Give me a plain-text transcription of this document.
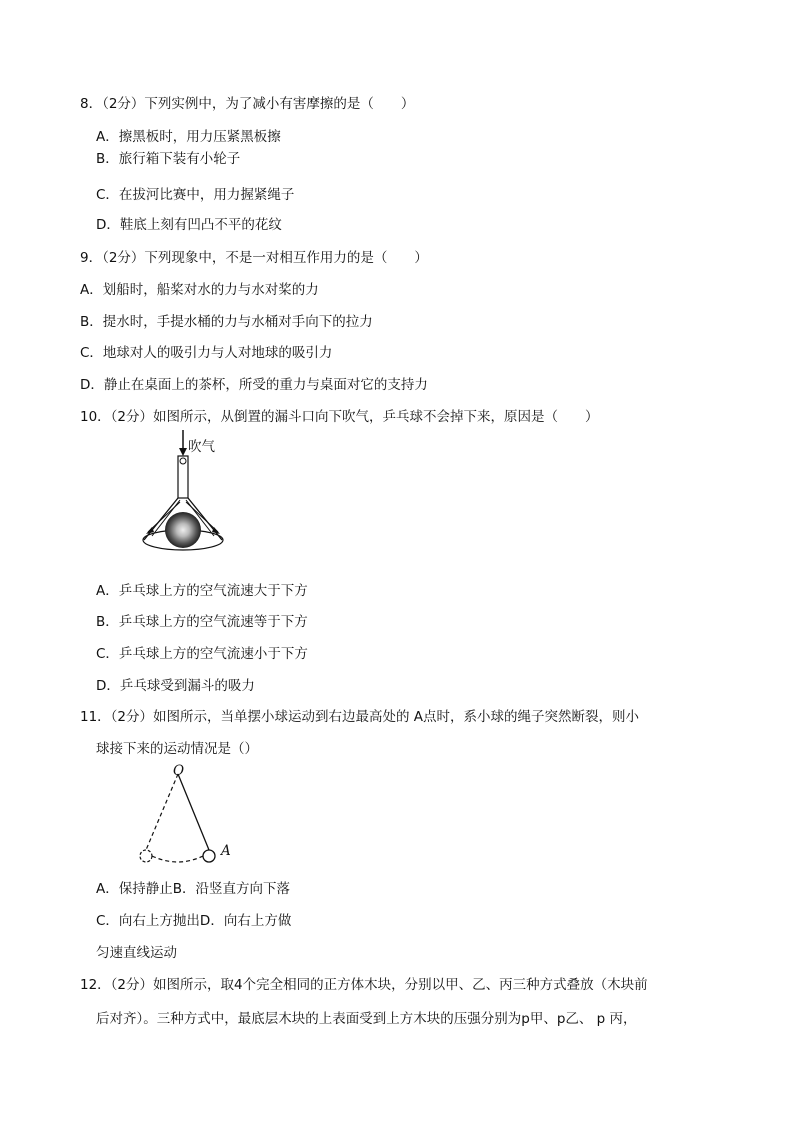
8．（2分）下列实例中，为了减小有害摩擦的是（　　）
A．擦黑板时，用力压紧黑板擦
B．旅行箱下装有小轮子
C．在拔河比赛中，用力握紧绳子
D．鞋底上刻有凹凸不平的花纹
9．（2分）下列现象中，不是一对相互作用力的是（　　）
A．划船时，船桨对水的力与水对桨的力
B．提水时，手提水桶的力与水桶对手向下的拉力
C．地球对人的吸引力与人对地球的吸引力
D．静止在桌面上的茶杯，所受的重力与桌面对它的支持力
10．（2分）如图所示，从倒置的漏斗口向下吹气，乒乓球不会掉下来，原因是（　　）
吹气
A．乒乓球上方的空气流速大于下方
B．乒乓球上方的空气流速等于下方
C．乒乓球上方的空气流速小于下方
D．乒乓球受到漏斗的吸力
11．（2分）如图所示，当单摆小球运动到右边最高处的 A点时，系小球的绳子突然断裂，则小
球接下来的运动情况是（）
O
A
A．保持静止B．沿竖直方向下落
C．向右上方抛出D．向右上方做
匀速直线运动
12．（2分）如图所示，取4个完全相同的正方体木块，分别以甲、乙、丙三种方式叠放（木块前
后对齐）。三种方式中，最底层木块的上表面受到上方木块的压强分别为p甲、p乙、 p 丙，
